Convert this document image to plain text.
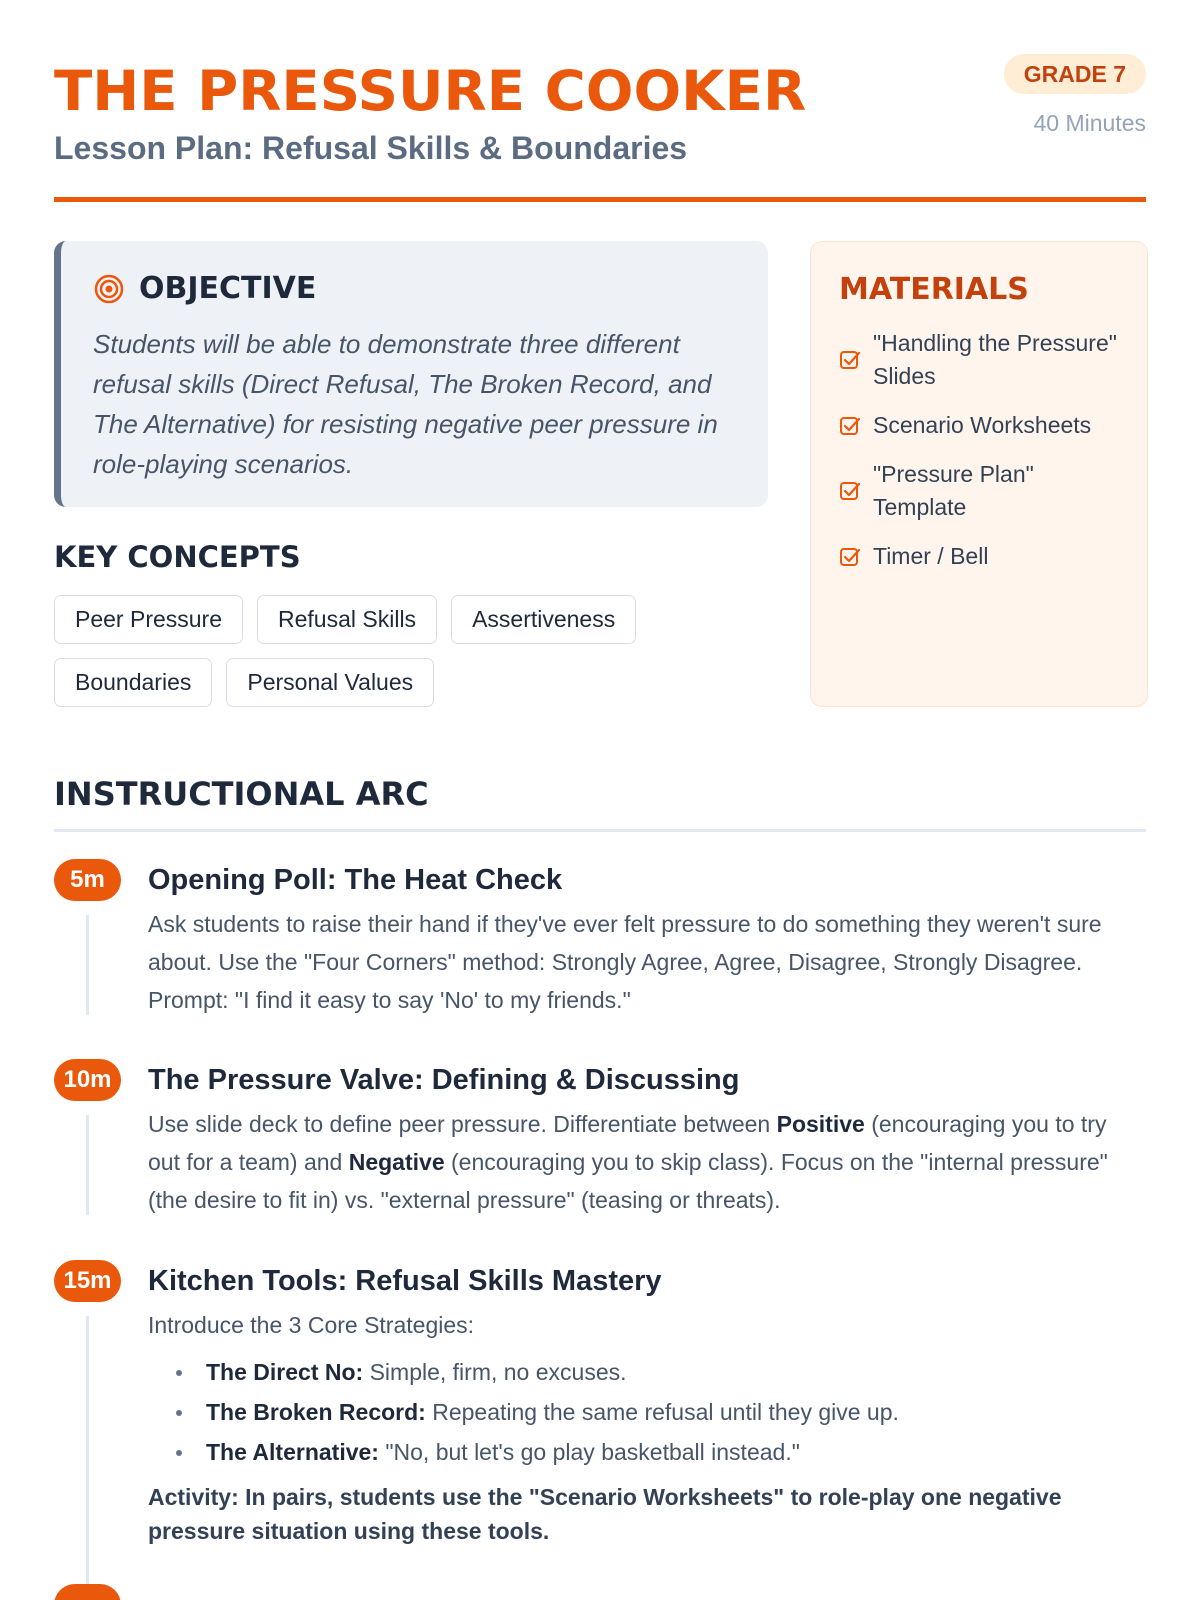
THE PRESSURE COOKER
Lesson Plan: Refusal Skills & Boundaries
GRADE 7
40 Minutes
OBJECTIVE

Students will be able to demonstrate three different refusal skills (Direct Refusal, The Broken Record, and The Alternative) for resisting negative peer pressure in role-playing scenarios.

KEY CONCEPTS
Peer Pressure	Refusal Skills	Assertiveness
Boundaries	Personal Values
MATERIALS
"Handling the Pressure" Slides
Scenario Worksheets
"Pressure Plan" Template
Timer / Bell
INSTRUCTIONAL ARC
5m	Opening Poll: The Heat Check
Ask students to raise their hand if they've ever felt pressure to do something they weren't sure about. Use the "Four Corners" method: Strongly Agree, Agree, Disagree, Strongly Disagree. Prompt: "I find it easy to say 'No' to my friends."
10m	The Pressure Valve: Defining & Discussing
Use slide deck to define peer pressure. Differentiate between Positive (encouraging you to try out for a team) and Negative (encouraging you to skip class). Focus on the "internal pressure" (the desire to fit in) vs. "external pressure" (teasing or threats).
15m	Kitchen Tools: Refusal Skills Mastery
Introduce the 3 Core Strategies:
The Direct No: Simple, firm, no excuses.
The Broken Record: Repeating the same refusal until they give up.
The Alternative: "No, but let's go play basketball instead."
Activity: In pairs, students use the "Scenario Worksheets" to role-play one negative pressure situation using these tools.
